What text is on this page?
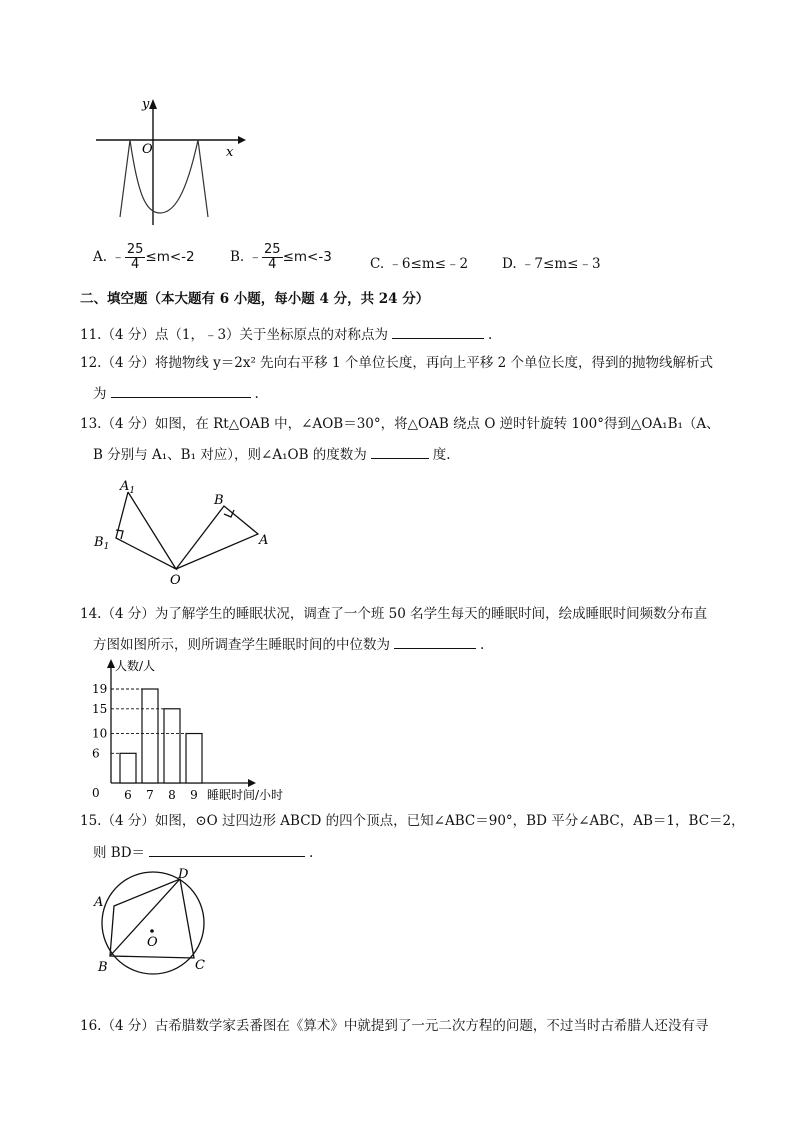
y
O	x
A. ﹣ $\frac{25}{4} \le m<-2$	B. ﹣ $\frac{25}{4} \le m<-3$	C. ﹣6≤m≤﹣2	D. ﹣7≤m≤﹣3
二、填空题（本大题有 6 小题，每小题 4 分，共 24 分）
11.（4 分）点（1，﹣3）关于坐标原点的对称点为	.
12.（4 分）将抛物线 y＝2x² 先向右平移 1 个单位长度，再向上平移 2 个单位长度，得到的抛物线解析式
为	.
13.（4 分）如图，在 Rt△OAB 中，∠AOB＝30°，将△OAB 绕点 O 逆时针旋转 100°得到△OA₁B₁（A、
B 分别与 A₁、B₁ 对应），则∠A₁OB 的度数为	度.
$A_1$
$B_1$
B
A
O
14.（4 分）为了解学生的睡眠状况，调查了一个班 50 名学生每天的睡眠时间，绘成睡眠时间频数分布直
方图如图所示，则所调查学生睡眠时间的中位数为	.
人数/人
睡眠时间/小时
0
6
10
15
19
6 7 8 9
15.（4 分）如图，⊙O 过四边形 ABCD 的四个顶点，已知∠ABC＝90°，BD 平分∠ABC，AB＝1，BC＝2，
则 BD＝	.
A
B	C
D
O
16.（4 分）古希腊数学家丢番图在《算术》中就提到了一元二次方程的问题，不过当时古希腊人还没有寻
